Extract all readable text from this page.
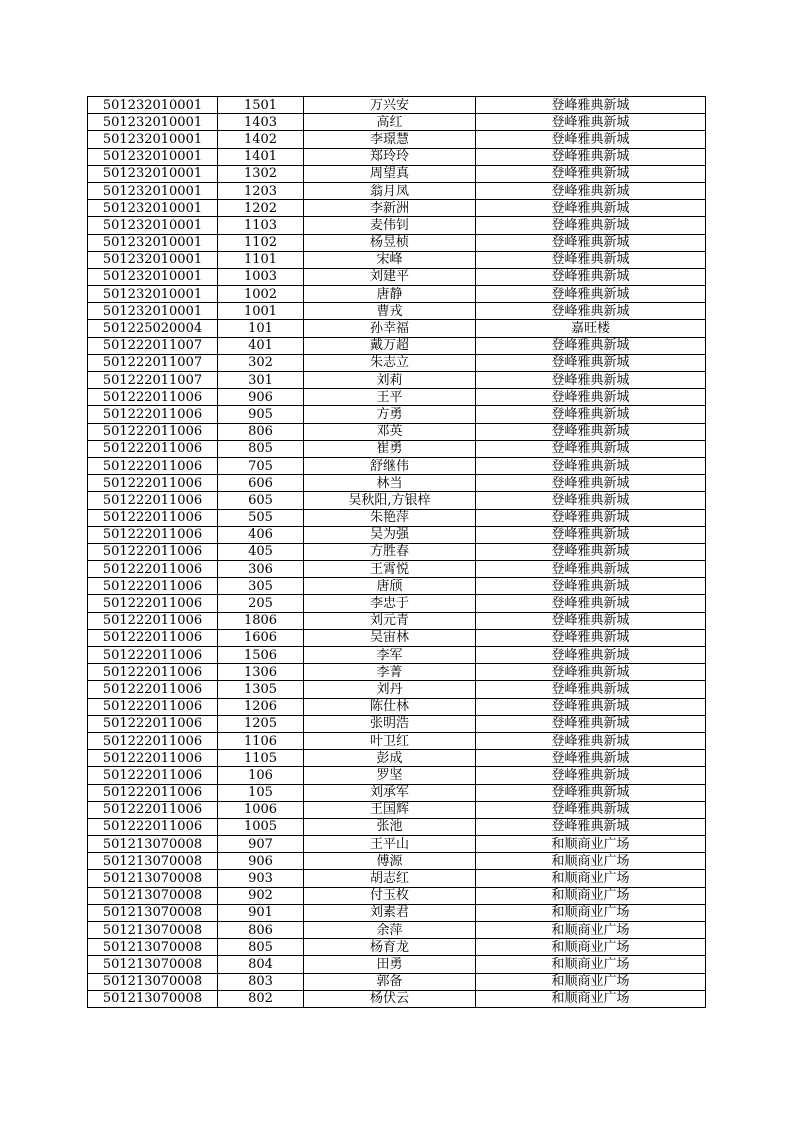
501232010001	1501	万兴安	登峰雅典新城
501232010001	1403	高红	登峰雅典新城
501232010001	1402	李璟慧	登峰雅典新城
501232010001	1401	郑玲玲	登峰雅典新城
501232010001	1302	周望真	登峰雅典新城
501232010001	1203	翁月凤	登峰雅典新城
501232010001	1202	李新洲	登峰雅典新城
501232010001	1103	麦伟钊	登峰雅典新城
501232010001	1102	杨昱桢	登峰雅典新城
501232010001	1101	宋峰	登峰雅典新城
501232010001	1003	刘建平	登峰雅典新城
501232010001	1002	唐静	登峰雅典新城
501232010001	1001	曹戎	登峰雅典新城
501225020004	101	孙幸福	嘉旺楼
501222011007	401	戴万超	登峰雅典新城
501222011007	302	朱志立	登峰雅典新城
501222011007	301	刘莉	登峰雅典新城
501222011006	906	王平	登峰雅典新城
501222011006	905	方勇	登峰雅典新城
501222011006	806	邓英	登峰雅典新城
501222011006	805	崔勇	登峰雅典新城
501222011006	705	舒继伟	登峰雅典新城
501222011006	606	林当	登峰雅典新城
501222011006	605	吴秋阳,方银梓	登峰雅典新城
501222011006	505	朱艳萍	登峰雅典新城
501222011006	406	吴为强	登峰雅典新城
501222011006	405	方胜春	登峰雅典新城
501222011006	306	王霄悦	登峰雅典新城
501222011006	305	唐颀	登峰雅典新城
501222011006	205	李忠于	登峰雅典新城
501222011006	1806	刘元青	登峰雅典新城
501222011006	1606	吴宙林	登峰雅典新城
501222011006	1506	李军	登峰雅典新城
501222011006	1306	李菁	登峰雅典新城
501222011006	1305	刘丹	登峰雅典新城
501222011006	1206	陈仕林	登峰雅典新城
501222011006	1205	张明浩	登峰雅典新城
501222011006	1106	叶卫红	登峰雅典新城
501222011006	1105	彭成	登峰雅典新城
501222011006	106	罗坚	登峰雅典新城
501222011006	105	刘承军	登峰雅典新城
501222011006	1006	王国辉	登峰雅典新城
501222011006	1005	张池	登峰雅典新城
501213070008	907	王平山	和顺商业广场
501213070008	906	傅源	和顺商业广场
501213070008	903	胡志红	和顺商业广场
501213070008	902	付玉枚	和顺商业广场
501213070008	901	刘素君	和顺商业广场
501213070008	806	余萍	和顺商业广场
501213070008	805	杨育龙	和顺商业广场
501213070008	804	田勇	和顺商业广场
501213070008	803	郭备	和顺商业广场
501213070008	802	杨伏云	和顺商业广场
